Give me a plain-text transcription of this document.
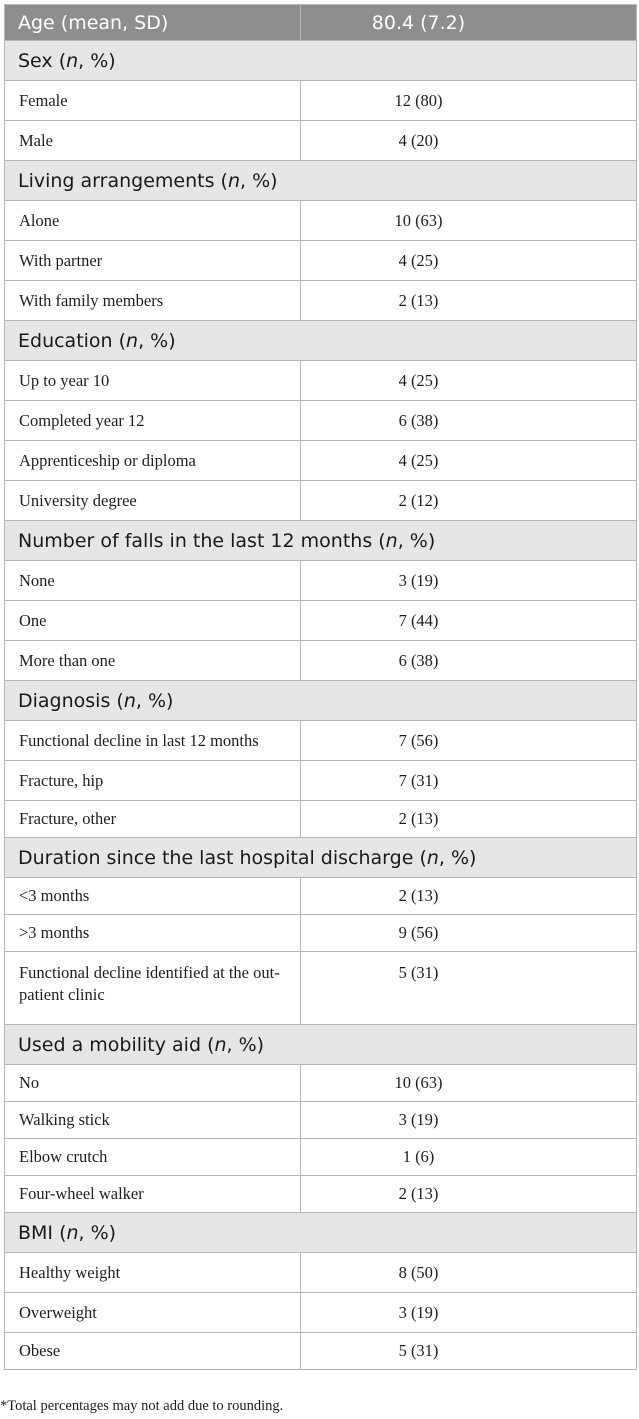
Age (mean, SD)	80.4 (7.2)
Sex (n, %)	
Female	12 (80)
Male	4 (20)
Living arrangements (n, %)	
Alone	10 (63)
With partner	4 (25)
With family members	2 (13)
Education (n, %)	
Up to year 10	4 (25)
Completed year 12	6 (38)
Apprenticeship or diploma	4 (25)
University degree	2 (12)
Number of falls in the last 12 months (n, %)	
None	3 (19)
One	7 (44)
More than one	6 (38)
Diagnosis (n, %)	
Functional decline in last 12 months	7 (56)
Fracture, hip	7 (31)
Fracture, other	2 (13)
Duration since the last hospital discharge (n, %)	
<3 months	2 (13)
>3 months	9 (56)
Functional decline identified at the out-patient clinic	5 (31)
Used a mobility aid (n, %)	
No	10 (63)
Walking stick	3 (19)
Elbow crutch	1 (6)
Four-wheel walker	2 (13)
BMI (n, %)	
Healthy weight	8 (50)
Overweight	3 (19)
Obese	5 (31)
*Total percentages may not add due to rounding.
